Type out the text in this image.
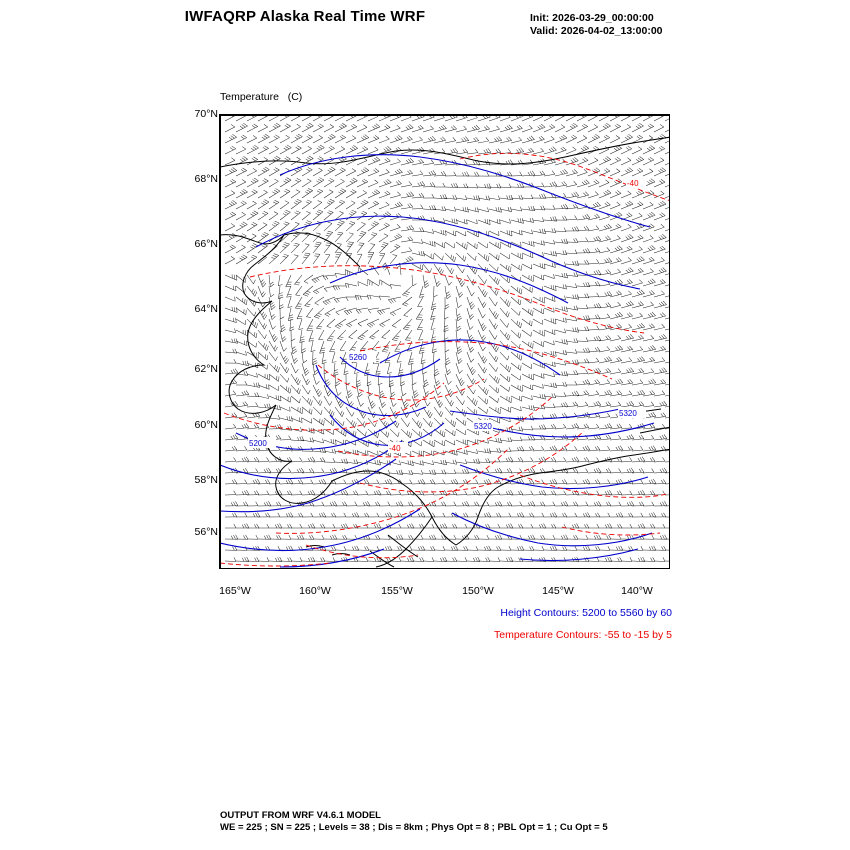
IWFAQRP Alaska Real Time WRF	Init: 2026-03-29_00:00:00
Valid: 2026-04-02_13:00:00

Temperature   (C)

70°N
68°N
66°N
64°N
62°N
60°N
58°N
56°N
165°W	160°W	155°W	150°W	145°W	140°W
5260
5200
5320
5320
-40
-40
Height Contours: 5200 to 5560 by 60
Temperature Contours: -55 to -15 by 5
OUTPUT FROM WRF V4.6.1 MODEL
WE = 225 ; SN = 225 ; Levels = 38 ; Dis = 8km ; Phys Opt = 8 ; PBL Opt = 1 ; Cu Opt = 5
